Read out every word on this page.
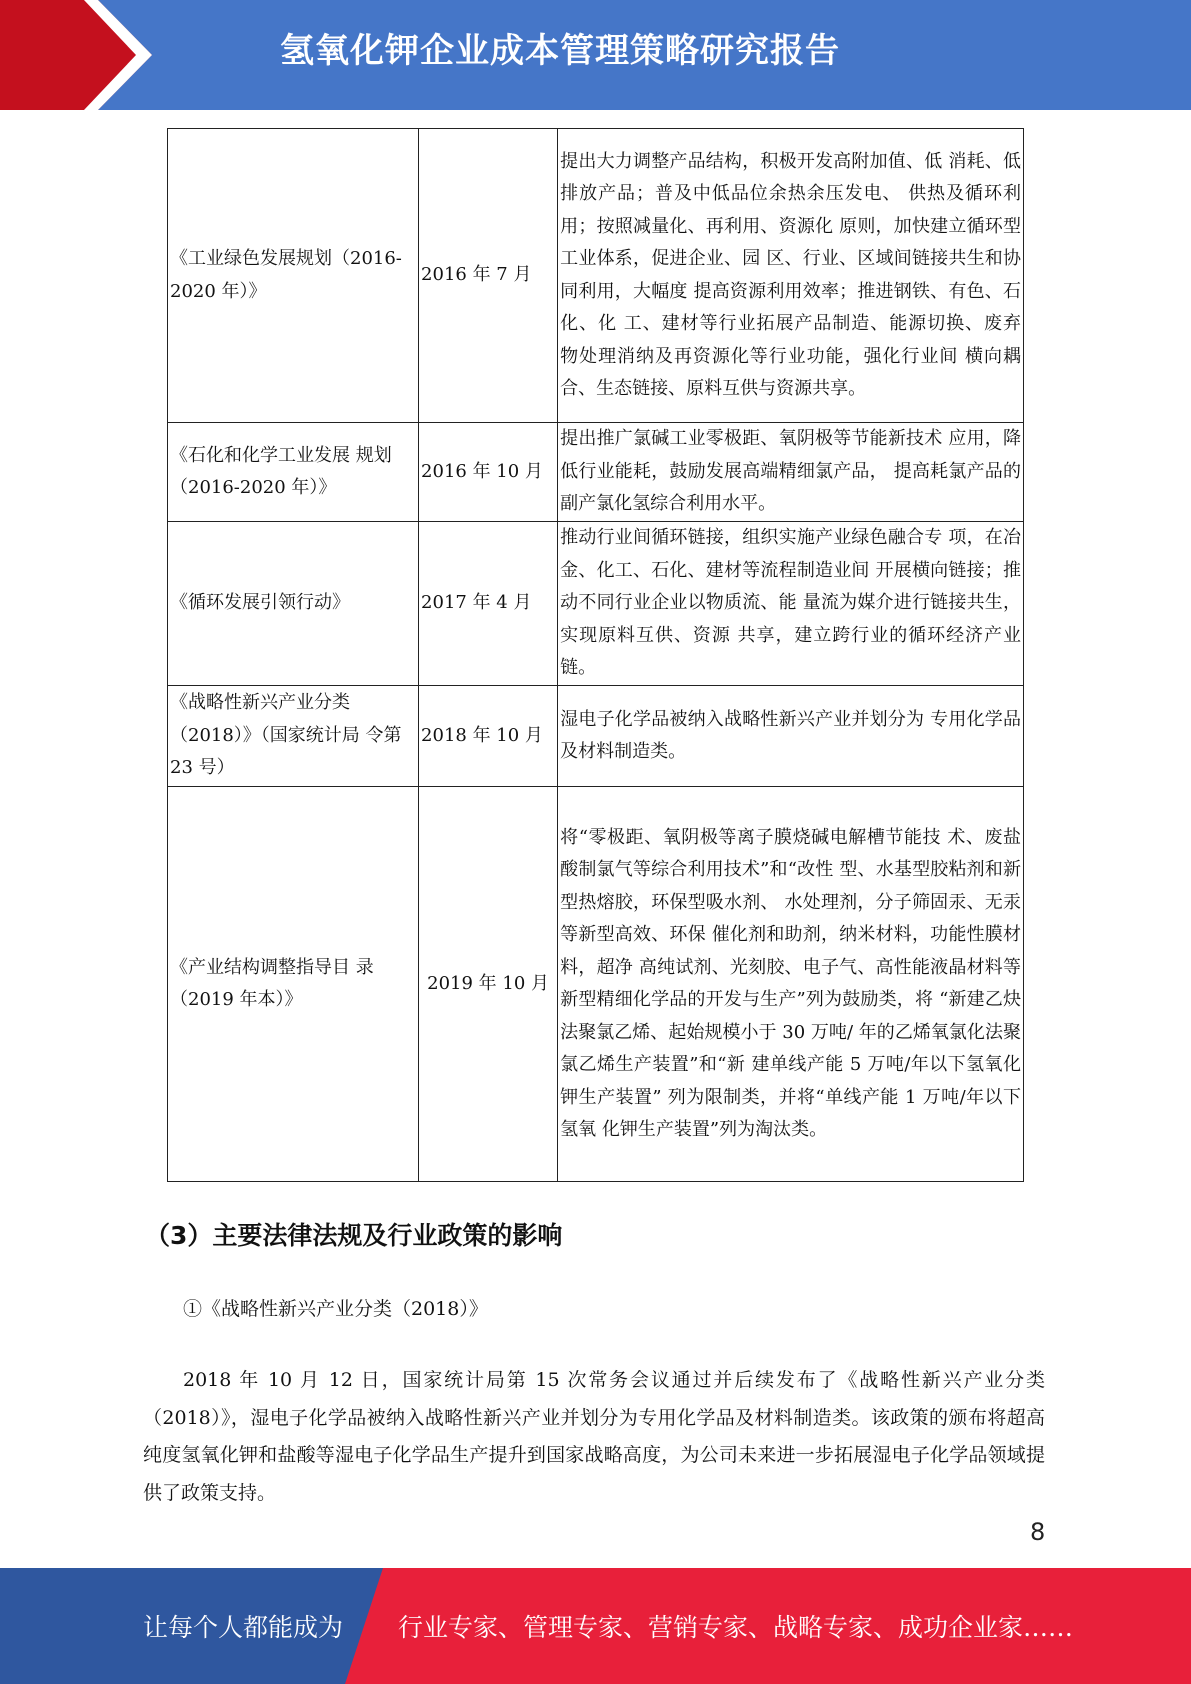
氢氧化钾企业成本管理策略研究报告
《工业绿色发展规划（2016-2020 年）》	2016 年 7 月	提出大力调整产品结构，积极开发高附加值、低 消耗、低排放产品；普及中低品位余热余压发电、 供热及循环利用；按照减量化、再利用、资源化 原则，加快建立循环型工业体系，促进企业、园 区、行业、区域间链接共生和协同利用，大幅度 提高资源利用效率；推进钢铁、有色、石化、化 工、建材等行业拓展产品制造、能源切换、废弃 物处理消纳及再资源化等行业功能，强化行业间 横向耦合、生态链接、原料互供与资源共享。
《石化和化学工业发展 规划（2016-2020 年）》	2016 年 10 月	提出推广氯碱工业零极距、氧阴极等节能新技术 应用，降低行业能耗，鼓励发展高端精细氯产品， 提高耗氯产品的副产氯化氢综合利用水平。
《循环发展引领行动》	2017 年 4 月	推动行业间循环链接，组织实施产业绿色融合专 项，在冶金、化工、石化、建材等流程制造业间 开展横向链接；推动不同行业企业以物质流、能 量流为媒介进行链接共生，实现原料互供、资源 共享，建立跨行业的循环经济产业链。
《战略性新兴产业分类（2018）》（国家统计局 令第 23 号）	2018 年 10 月	湿电子化学品被纳入战略性新兴产业并划分为 专用化学品及材料制造类。
《产业结构调整指导目 录（2019 年本）》	2019 年 10 月	将“零极距、氧阴极等离子膜烧碱电解槽节能技 术、废盐酸制氯气等综合利用技术”和“改性 型、水基型胶粘剂和新型热熔胶，环保型吸水剂、 水处理剂，分子筛固汞、无汞等新型高效、环保 催化剂和助剂，纳米材料，功能性膜材料，超净 高纯试剂、光刻胶、电子气、高性能液晶材料等 新型精细化学品的开发与生产”列为鼓励类，将 “新建乙炔法聚氯乙烯、起始规模小于 30 万吨/ 年的乙烯氧氯化法聚氯乙烯生产装置”和“新 建单线产能 5 万吨/年以下氢氧化钾生产装置” 列为限制类，并将“单线产能 1 万吨/年以下氢氧 化钾生产装置”列为淘汰类。
（3）主要法律法规及行业政策的影响
①《战略性新兴产业分类（2018）》
2018 年 10 月 12 日，国家统计局第 15 次常务会议通过并后续发布了《战略性新兴产业分类（2018）》，湿电子化学品被纳入战略性新兴产业并划分为专用化学品及材料制造类。该政策的颁布将超高纯度氢氧化钾和盐酸等湿电子化学品生产提升到国家战略高度，为公司未来进一步拓展湿电子化学品领域提供了政策支持。
8
让每个人都能成为 行业专家、管理专家、营销专家、战略专家、成功企业家……
